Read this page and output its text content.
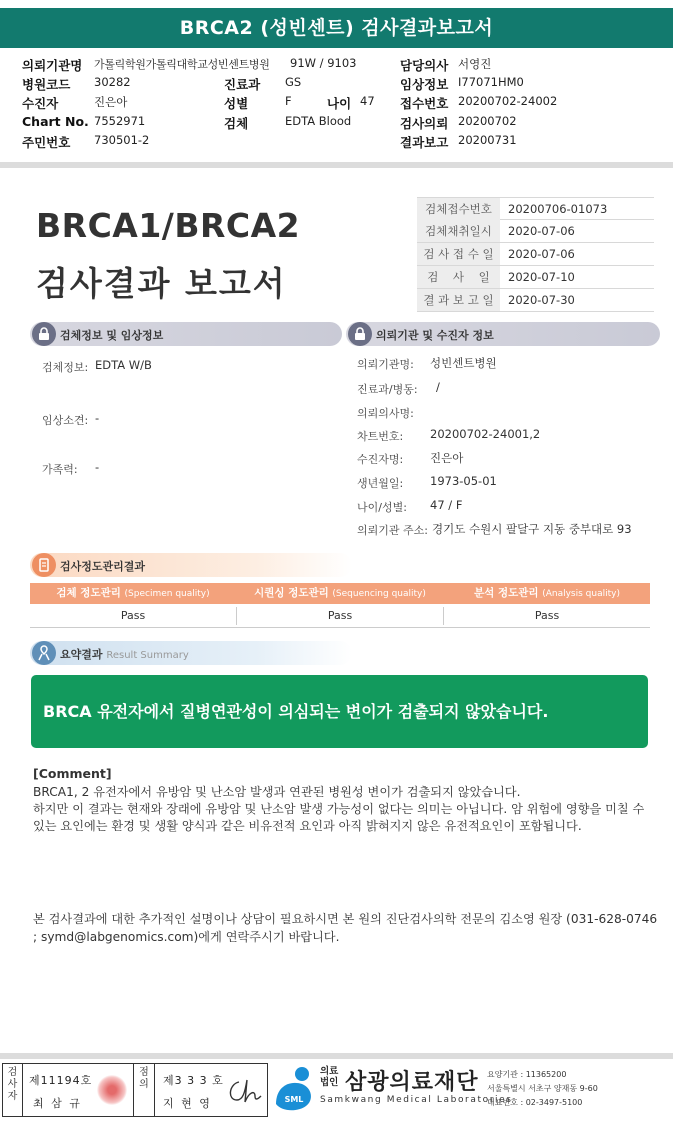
BRCA2 (성빈센트) 검사결과보고서
의뢰기관명 가톨릭학원가톨릭대학교성빈센트병원 91W / 9103	담당의사 서영진
병원코드 30282	진료과 GS	임상정보 I77071HM0
수진자	진은아	성별	F	나이 47 접수번호 20200702-24002
Chart No. 7552971	검체	EDTA Blood	검사의뢰 20200702
주민번호 730501-2	결과보고 20200731
BRCA1/BRCA2
검사결과 보고서
검체접수번호	20200706-01073
검체채취일시	2020-07-06
검 사 접 수 일	2020-07-06
검    사    일	2020-07-10
결 과 보 고 일	2020-07-30
검체정보 및 임상정보
검체정보: EDTA W/B
임상소견: -
가족력: -
의뢰기관 및 수진자 정보
의뢰기관명: 성빈센트병원
진료과/병동: /
의뢰의사명:
차트번호: 20200702-24001,2
수진자명: 진은아
생년월일: 1973-05-01
나이/성별: 47 / F
의뢰기관 주소: 경기도 수원시 팔달구 지동 중부대로 93
검사정도관리결과
검체 정도관리 (Specimen quality)	시퀀싱 정도관리 (Sequencing quality)	분석 정도관리 (Analysis quality)
Pass	Pass	Pass
요약결과 Result Summary
BRCA 유전자에서 질병연관성이 의심되는 변이가 검출되지 않았습니다.
[Comment]
BRCA1, 2 유전자에서 유방암 및 난소암 발생과 연관된 병원성 변이가 검출되지 않았습니다.
하지만 이 결과는 현재와 장래에 유방암 및 난소암 발생 가능성이 없다는 의미는 아닙니다. 암 위험에 영향을 미칠 수 있는 요인에는 환경 및 생활 양식과 같은 비유전적 요인과 아직 밝혀지지 않은 유전적요인이 포함됩니다.
본 검사결과에 대한 추가적인 설명이나 상담이 필요하시면 본 원의 진단검사의학 전문의 김소영 원장 (031-628-0746 ; symd@labgenomics.com)에게 연락주시기 바랍니다.
검
사
자
제11194호
최 삼 규
점
의	제3 3 3 호
지 현 영	SML
의료
법인 삼광의료재단
Samkwang Medical Laboratories
요양기관 : 11365200
서울특별시 서초구 양재동 9-60
대표번호 : 02-3497-5100
